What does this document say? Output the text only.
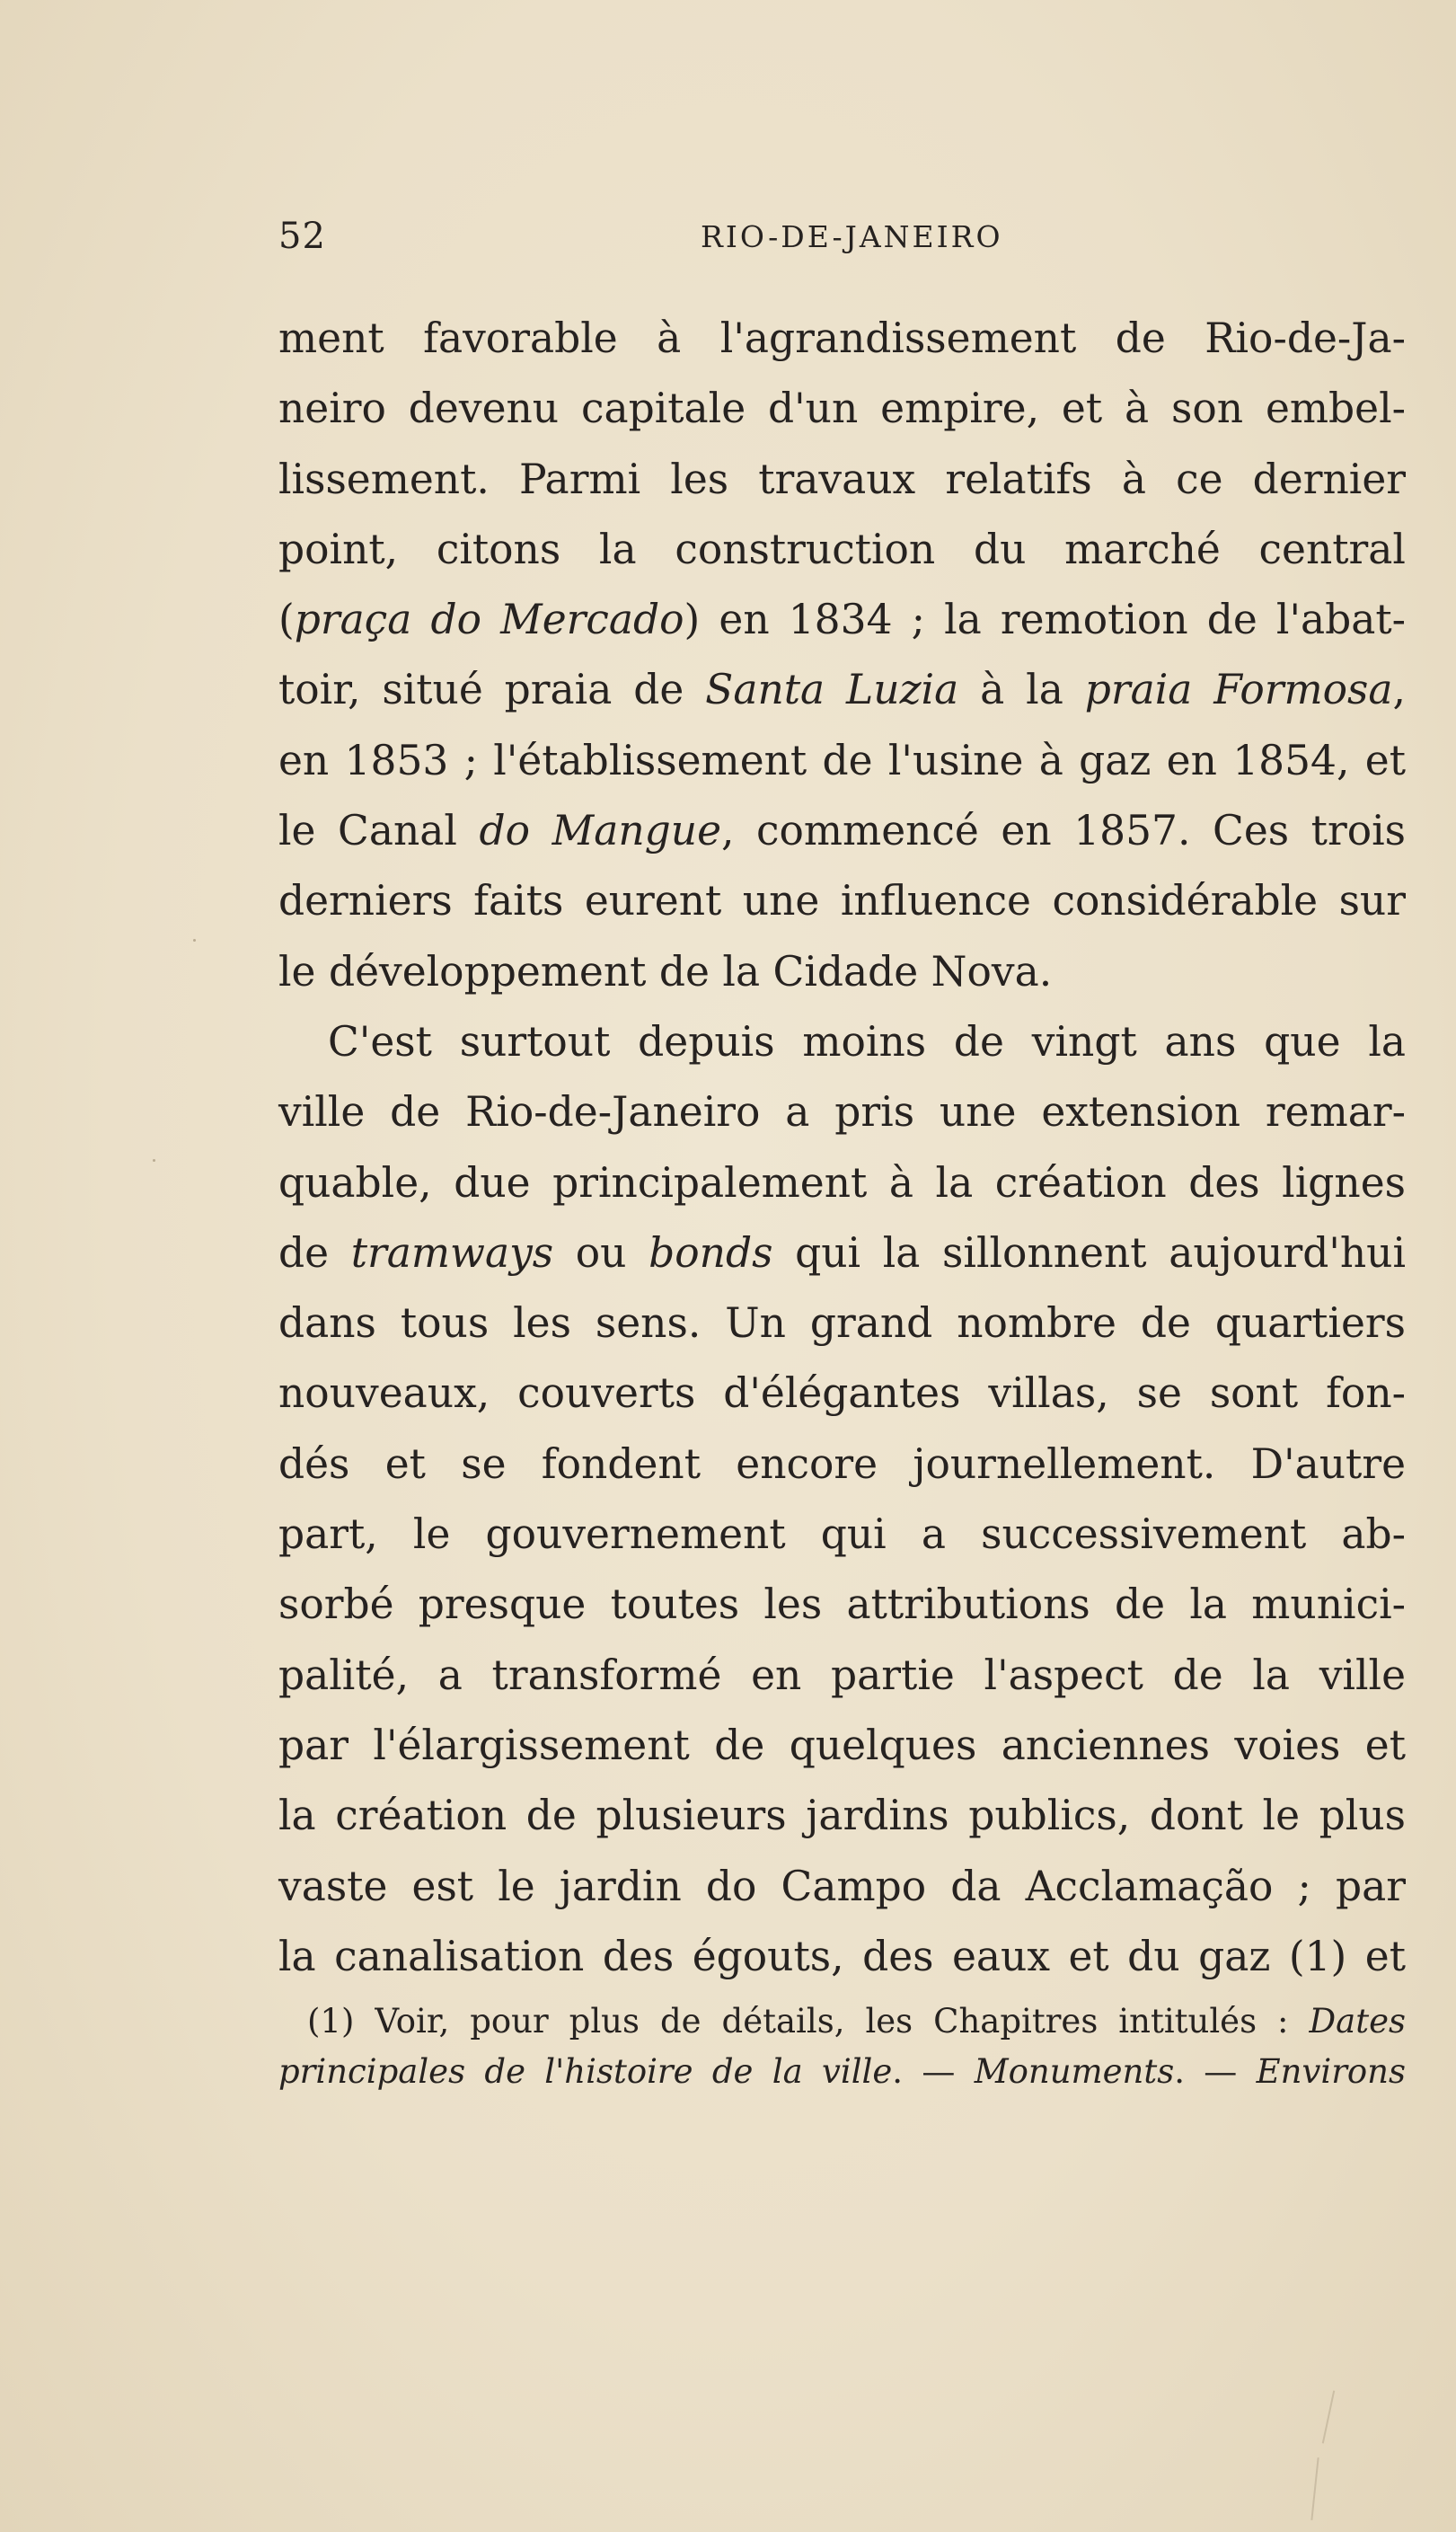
52	RIO-DE-JANEIRO
ment favorable à l'agrandissement de Rio-de-Ja-
neiro devenu capitale d'un empire, et à son embel-
lissement. Parmi les travaux relatifs à ce dernier
point, citons la construction du marché central
(praça do Mercado) en 1834 ; la remotion de l'abat-
toir, situé praia de Santa Luzia à la praia Formosa,
en 1853 ; l'établissement de l'usine à gaz en 1854, et
le Canal do Mangue, commencé en 1857. Ces trois
derniers faits eurent une influence considérable sur
le développement de la Cidade Nova.
C'est surtout depuis moins de vingt ans que la
ville de Rio-de-Janeiro a pris une extension remar-
quable, due principalement à la création des lignes
de tramways ou bonds qui la sillonnent aujourd'hui
dans tous les sens. Un grand nombre de quartiers
nouveaux, couverts d'élégantes villas, se sont fon-
dés et se fondent encore journellement. D'autre
part, le gouvernement qui a successivement ab-
sorbé presque toutes les attributions de la munici-
palité, a transformé en partie l'aspect de la ville
par l'élargissement de quelques anciennes voies et
la création de plusieurs jardins publics, dont le plus
vaste est le jardin do Campo da Acclamação ; par
la canalisation des égouts, des eaux et du gaz (1) et
(1) Voir, pour plus de détails, les Chapitres intitulés : Dates
principales de l'histoire de la ville. — Monuments. — Environs
